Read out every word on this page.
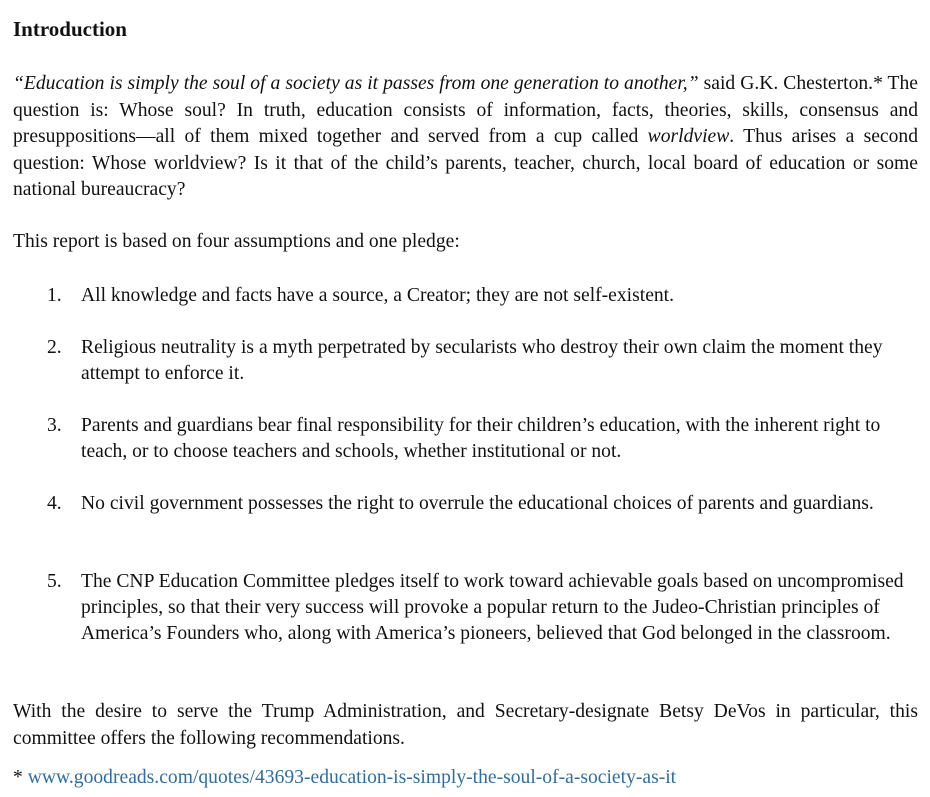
Introduction

“Education is simply the soul of a society as it passes from one generation to another,” said G.K. Chesterton.* The question is: Whose soul? In truth, education consists of information, facts, theories, skills, consensus and presuppositions—all of them mixed together and served from a cup called worldview. Thus arises a second question: Whose worldview? Is it that of the child’s parents, teacher, church, local board of education or some national bureaucracy?

This report is based on four assumptions and one pledge:

1. All knowledge and facts have a source, a Creator; they are not self-existent.
2. Religious neutrality is a myth perpetrated by secularists who destroy their own claim the moment they attempt to enforce it.
3. Parents and guardians bear final responsibility for their children’s education, with the inherent right to teach, or to choose teachers and schools, whether institutional or not.
4. No civil government possesses the right to overrule the educational choices of parents and guardians.
5. The CNP Education Committee pledges itself to work toward achievable goals based on uncompromised principles, so that their very success will provoke a popular return to the Judeo-Christian principles of America’s Founders who, along with America’s pioneers, believed that God belonged in the classroom.

With the desire to serve the Trump Administration, and Secretary-designate Betsy DeVos in particular, this committee offers the following recommendations.

* www.goodreads.com/quotes/43693-education-is-simply-the-soul-of-a-society-as-it
